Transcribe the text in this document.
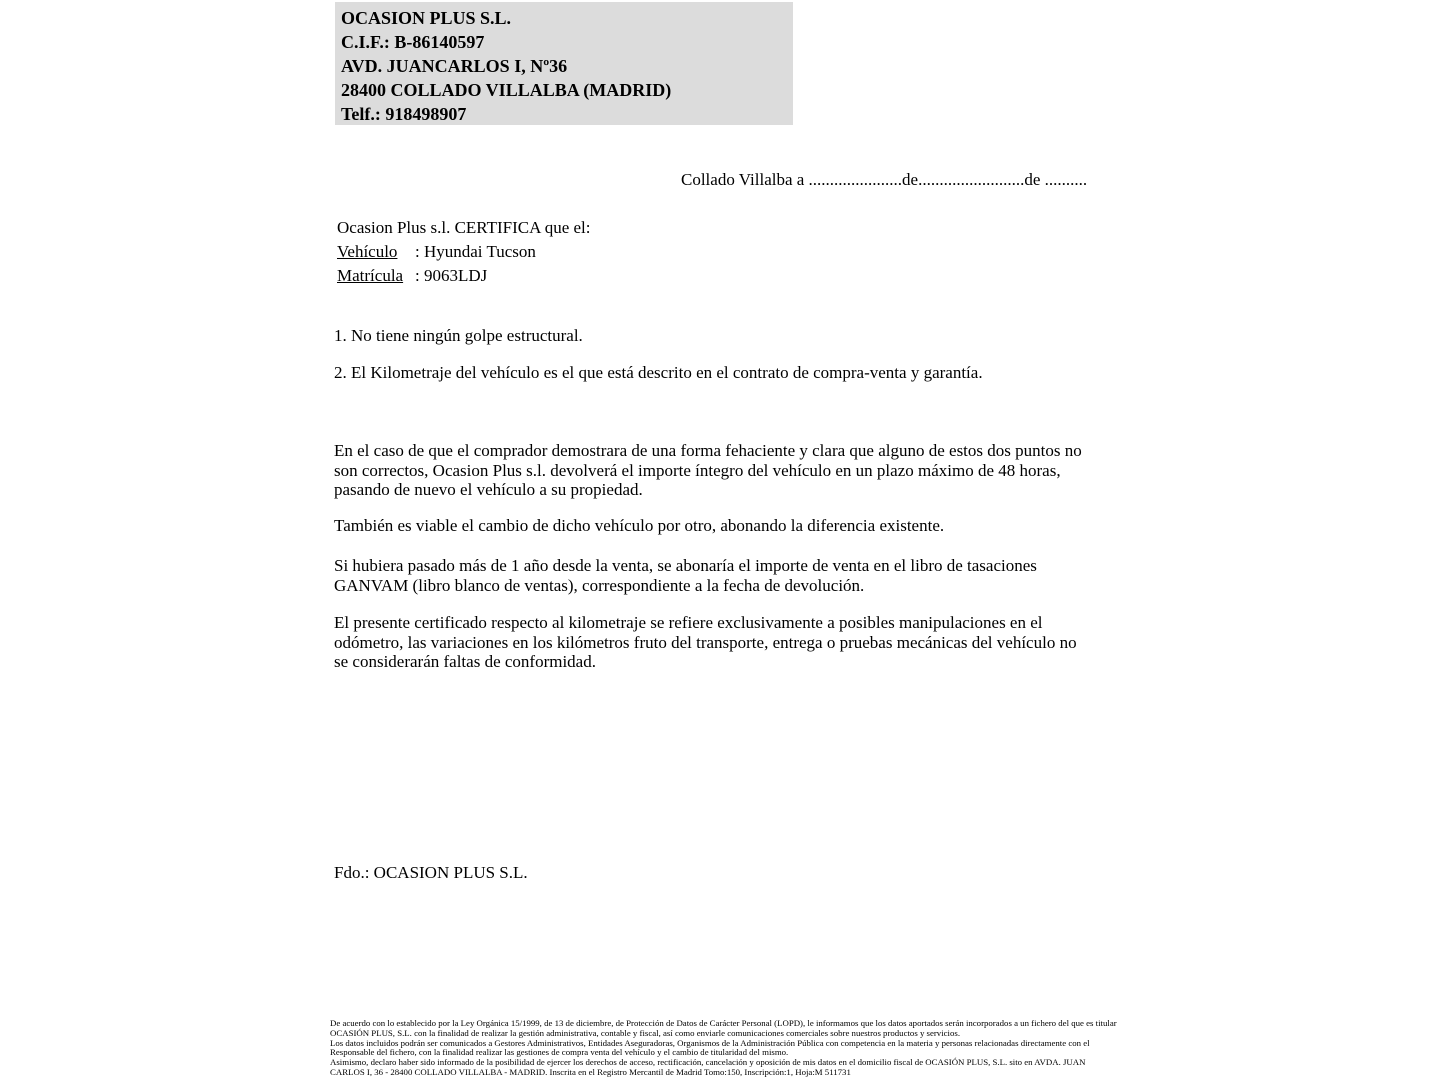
OCASION PLUS S.L.
C.I.F.: B-86140597
AVD. JUANCARLOS I, Nº36
28400 COLLADO VILLALBA (MADRID)
Telf.: 918498907
Collado Villalba a ......................de.........................de ..........
Ocasion Plus s.l. CERTIFICA que el:
Vehículo : Hyundai Tucson
Matrícula : 9063LDJ
1. No tiene ningún golpe estructural.
2. El Kilometraje del vehículo es el que está descrito en el contrato de compra-venta y garantía.
En el caso de que el comprador demostrara de una forma fehaciente y clara que alguno de estos dos puntos no
son correctos, Ocasion Plus s.l. devolverá el importe íntegro del vehículo en un plazo máximo de 48 horas,
pasando de nuevo el vehículo a su propiedad.
También es viable el cambio de dicho vehículo por otro, abonando la diferencia existente.
Si hubiera pasado más de 1 año desde la venta, se abonaría el importe de venta en el libro de tasaciones
GANVAM (libro blanco de ventas), correspondiente a la fecha de devolución.
El presente certificado respecto al kilometraje se refiere exclusivamente a posibles manipulaciones en el
odómetro, las variaciones en los kilómetros fruto del transporte, entrega o pruebas mecánicas del vehículo no
se considerarán faltas de conformidad.
Fdo.: OCASION PLUS S.L.
De acuerdo con lo establecido por la Ley Orgánica 15/1999, de 13 de diciembre, de Protección de Datos de Carácter Personal (LOPD), le informamos que los datos aportados serán incorporados a un fichero del que es titular
OCASIÓN PLUS, S.L. con la finalidad de realizar la gestión administrativa, contable y fiscal, así como enviarle comunicaciones comerciales sobre nuestros productos y servicios.
Los datos incluidos podrán ser comunicados a Gestores Administrativos, Entidades Aseguradoras, Organismos de la Administración Pública con competencia en la materia y personas relacionadas directamente con el
Responsable del fichero, con la finalidad realizar las gestiones de compra venta del vehículo y el cambio de titularidad del mismo.
Asimismo, declaro haber sido informado de la posibilidad de ejercer los derechos de acceso, rectificación, cancelación y oposición de mis datos en el domicilio fiscal de OCASIÓN PLUS, S.L. sito en AVDA. JUAN
CARLOS I, 36 - 28400 COLLADO VILLALBA - MADRID. Inscrita en el Registro Mercantil de Madrid Tomo:150, Inscripción:1, Hoja:M 511731
